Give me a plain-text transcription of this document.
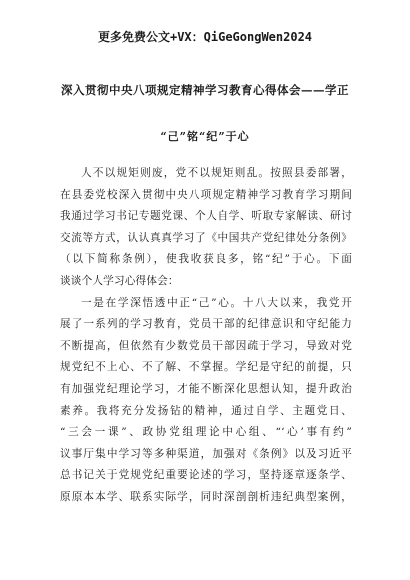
更多免费公文+VX：QiGeGongWen2024
深入贯彻中央八项规定精神学习教育心得体会——学正
“己”铭“纪”于心
人不以规矩则废，党不以规矩则乱。按照县委部署，
在县委党校深入贯彻中央八项规定精神学习教育学习期间
我通过学习书记专题党课、个人自学、听取专家解读、研讨
交流等方式，认认真真学习了《中国共产党纪律处分条例》
（以下简称条例），使我收获良多，铭“纪”于心。下面
谈谈个人学习心得体会：
一是在学深悟透中正“己”心。十八大以来，我党开
展了一系列的学习教育，党员干部的纪律意识和守纪能力
不断提高，但依然有少数党员干部因疏于学习，导致对党
规党纪不上心、不了解、不掌握。学纪是守纪的前提，只
有加强党纪理论学习，才能不断深化思想认知，提升政治
素养。我将充分发扬钻的精神，通过自学、主题党日、
“三会一课”、政协党组理论中心组、“‘心’事有约”
议事厅集中学习等多种渠道，加强对《条例》以及习近平
总书记关于党规党纪重要论述的学习，坚持逐章逐条学、
原原本本学、联系实际学，同时深剖剖析违纪典型案例，
